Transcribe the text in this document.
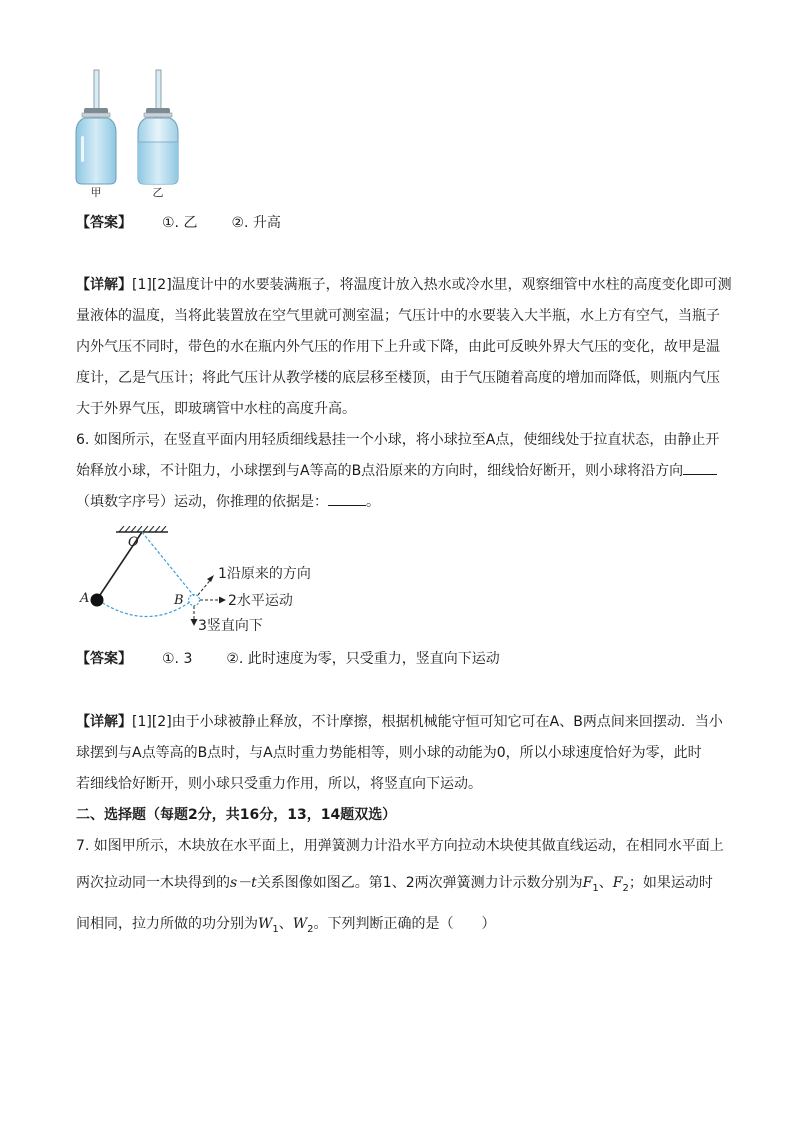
甲	乙
【答案】 ①. 乙 ②. 升高
【详解】[1][2]温度计中的水要装满瓶子，将温度计放入热水或冷水里，观察细管中水柱的高度变化即可测
量液体的温度，当将此装置放在空气里就可测室温；气压计中的水要装入大半瓶，水上方有空气，当瓶子
内外气压不同时，带色的水在瓶内外气压的作用下上升或下降，由此可反映外界大气压的变化，故甲是温
度计，乙是气压计；将此气压计从教学楼的底层移至楼顶，由于气压随着高度的增加而降低，则瓶内气压
大于外界气压，即玻璃管中水柱的高度升高。
6. 如图所示，在竖直平面内用轻质细线悬挂一个小球，将小球拉至A点，使细线处于拉直状态，由静止开
始释放小球，不计阻力，小球摆到与A等高的B点沿原来的方向时，细线恰好断开，则小球将沿方向
（填数字序号）运动，你推理的依据是：	。
O
A	B
1沿原来的方向
2水平运动
3竖直向下
【答案】 ①. 3 ②. 此时速度为零，只受重力，竖直向下运动
【详解】[1][2]由于小球被静止释放，不计摩擦，根据机械能守恒可知它可在A、B两点间来回摆动．当小
球摆到与A点等高的B点时，与A点时重力势能相等，则小球的动能为0，所以小球速度恰好为零，此时
若细线恰好断开，则小球只受重力作用，所以，将竖直向下运动。
二、选择题（每题2分，共16分，13，14题双选）
7. 如图甲所示，木块放在水平面上，用弹簧测力计沿水平方向拉动木块使其做直线运动，在相同水平面上
两次拉动同一木块得到的s－t关系图像如图乙。第1、2两次弹簧测力计示数分别为$F_1$、$F_2$；如果运动时
间相同，拉力所做的功分别为$W_1$、$W_2$。下列判断正确的是（　　）
